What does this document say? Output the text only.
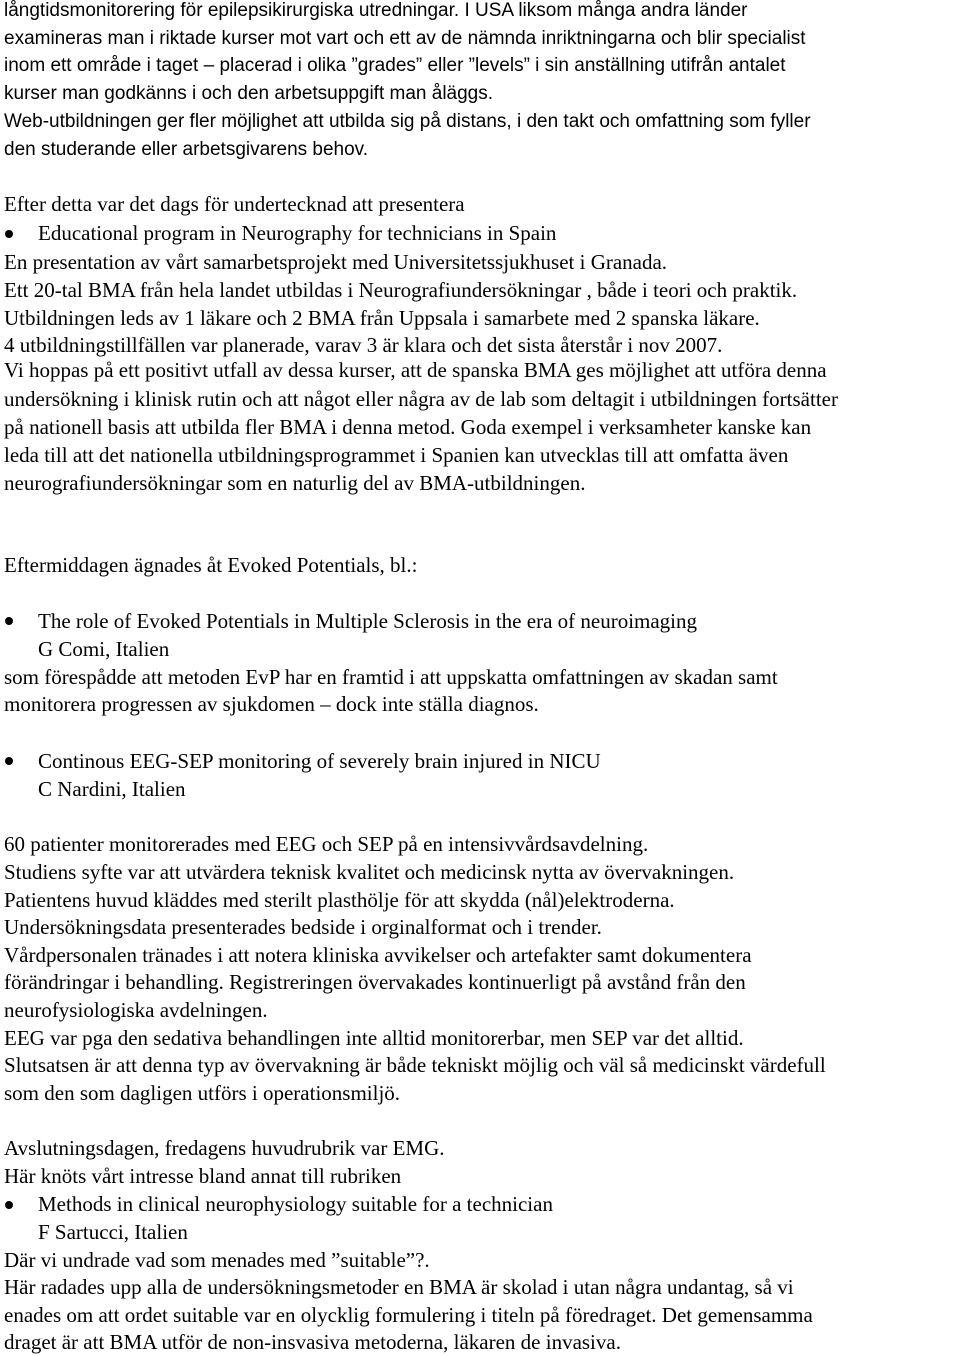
långtidsmonitorering för epilepsikirurgiska utredningar. I USA liksom många andra länder

examineras man i riktade kurser mot vart och ett av de nämnda inriktningarna och blir specialist

inom ett område i taget – placerad i olika ”grades” eller ”levels” i sin anställning utifrån antalet

kurser man godkänns i och den arbetsuppgift man åläggs.

Web-utbildningen ger fler möjlighet att utbilda sig på distans, i den takt och omfattning som fyller

den studerande eller arbetsgivarens behov.

Efter detta var det dags för undertecknad att presentera

Educational program in Neurography for technicians in Spain

En presentation av vårt samarbetsprojekt med Universitetssjukhuset i Granada.

Ett 20-tal BMA från hela landet utbildas i Neurografiundersökningar , både i teori och praktik.

Utbildningen leds av 1 läkare och 2 BMA från Uppsala i samarbete med 2 spanska läkare.

4 utbildningstillfällen var planerade, varav 3 är klara och det sista återstår i nov 2007.

Vi hoppas på ett positivt utfall av dessa kurser, att de spanska BMA ges möjlighet att utföra denna

undersökning i klinisk rutin och att något eller några av de lab som deltagit i utbildningen fortsätter

på nationell basis att utbilda fler BMA i denna metod. Goda exempel i verksamheter kanske kan

leda till att det nationella utbildningsprogrammet i Spanien kan utvecklas till att omfatta även

neurografiundersökningar som en naturlig del av BMA-utbildningen.

Eftermiddagen ägnades åt Evoked Potentials, bl.:

The role of Evoked Potentials in Multiple Sclerosis in the era of neuroimaging

G Comi, Italien

som förespådde att metoden EvP har en framtid i att uppskatta omfattningen av skadan samt

monitorera progressen av sjukdomen – dock inte ställa diagnos.

Continous EEG-SEP monitoring of severely brain injured in NICU

C Nardini, Italien

60 patienter monitorerades med EEG och SEP på en intensivvårdsavdelning.

Studiens syfte var att utvärdera teknisk kvalitet och medicinsk nytta av övervakningen.

Patientens huvud kläddes med sterilt plasthölje för att skydda (nål)elektroderna.

Undersökningsdata presenterades bedside i orginalformat och i trender.

Vårdpersonalen tränades i att notera kliniska avvikelser och artefakter samt dokumentera

förändringar i behandling. Registreringen övervakades kontinuerligt på avstånd från den

neurofysiologiska avdelningen.

EEG var pga den sedativa behandlingen inte alltid monitorerbar, men SEP var det alltid.

Slutsatsen är att denna typ av övervakning är både tekniskt möjlig och väl så medicinskt värdefull

som den som dagligen utförs i operationsmiljö.

Avslutningsdagen, fredagens huvudrubrik var EMG.

Här knöts vårt intresse bland annat till rubriken

Methods in clinical neurophysiology suitable for a technician

F Sartucci, Italien

Där vi undrade vad som menades med ”suitable”?.

Här radades upp alla de undersökningsmetoder en BMA är skolad i utan några undantag, så vi

enades om att ordet suitable var en olycklig formulering i titeln på föredraget. Det gemensamma

draget är att BMA utför de non-insvasiva metoderna, läkaren de invasiva.
